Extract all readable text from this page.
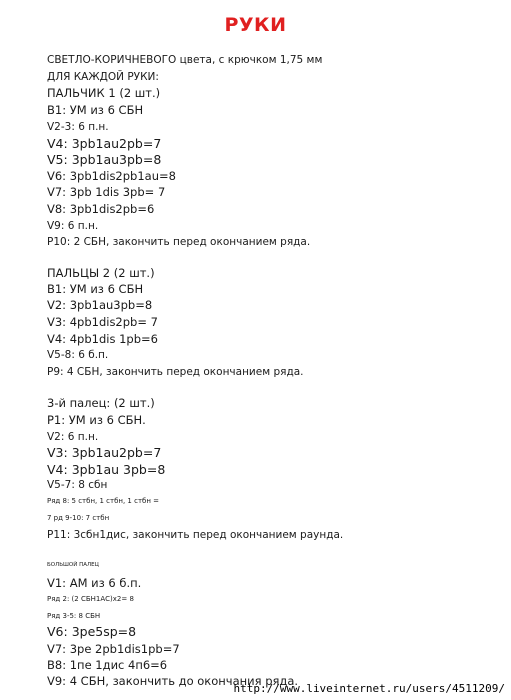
РУКИ
СВЕТЛО-КОРИЧНЕВОГО цвета, с крючком 1,75 мм
ДЛЯ КАЖДОЙ РУКИ:
ПАЛЬЧИК 1 (2 шт.)
В1: УМ из 6 СБН
V2-3: 6 п.н.
V4: 3pb1au2pb=7
V5: 3pb1au3pb=8
V6: 3pb1dis2pb1au=8
V7: 3pb 1dis 3pb= 7
V8: 3pb1dis2pb=6
V9: 6 п.н.
P10: 2 СБН, закончить перед окончанием ряда.
ПАЛЬЦЫ 2 (2 шт.)
В1: УМ из 6 СБН
V2: 3pb1au3pb=8
V3: 4pb1dis2pb= 7
V4: 4pb1dis 1pb=6
V5-8: 6 б.п.
P9: 4 СБН, закончить перед окончанием ряда.
3-й палец: (2 шт.)
P1: УМ из 6 СБН.
V2: 6 п.н.
V3: 3pb1au2pb=7
V4: 3pb1au 3pb=8
V5-7: 8 сбн
Ряд 8: 5 стбн, 1 стбн, 1 стбн =
7 рд 9-10: 7 стбн
P11: 3сбн1дис, закончить перед окончанием раунда.
БОЛЬШОЙ ПАЛЕЦ
V1: АМ из 6 б.п.
Ряд 2: (2 СБН1АС)x2= 8
Ряд 3-5: 8 СБН
V6: 3pe5sp=8
V7: 3pe 2pb1dis1pb=7
В8: 1пе 1дис 4п6=6
V9: 4 СБН, закончить до окончания ряда.
http://www.liveinternet.ru/users/4511209/
